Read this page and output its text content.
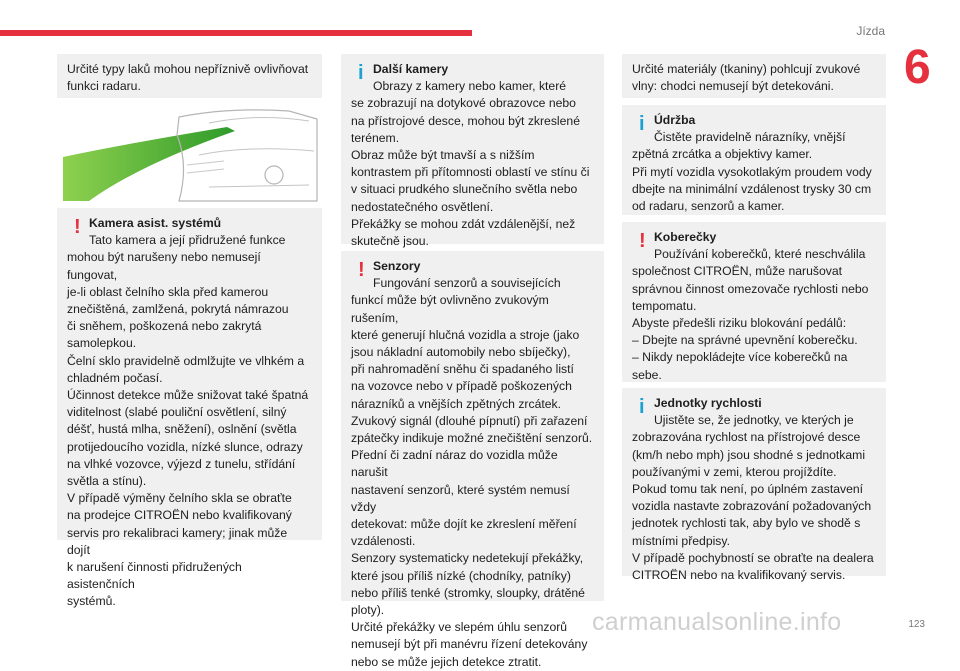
Jízda
6

Určité typy laků mohou nepříznivě ovlivňovat funkci radaru.

! Kamera asist. systémů

Tato kamera a její přidružené funkce

mohou být narušeny nebo nemusejí fungovat,

je-li oblast čelního skla před kamerou

znečištěná, zamlžená, pokrytá námrazou

či sněhem, poškozená nebo zakrytá

samolepkou.

Čelní sklo pravidelně odmlžujte ve vlhkém a

chladném počasí.

Účinnost detekce může snižovat také špatná

viditelnost (slabé pouliční osvětlení, silný

déšť, hustá mlha, sněžení), oslnění (světla

protijedoucího vozidla, nízké slunce, odrazy

na vlhké vozovce, výjezd z tunelu, střídání

světla a stínu).

V případě výměny čelního skla se obraťte

na prodejce CITROËN nebo kvalifikovaný

servis pro rekalibraci kamery; jinak může dojít

k narušení činnosti přidružených asistenčních

systémů.

i Další kamery

Obrazy z kamery nebo kamer, které

se zobrazují na dotykové obrazovce nebo

na přístrojové desce, mohou být zkreslené

terénem.

Obraz může být tmavší a s nižším

kontrastem při přítomnosti oblastí ve stínu či

v situaci prudkého slunečního světla nebo

nedostatečného osvětlení.

Překážky se mohou zdát vzdálenější, než

skutečně jsou.

! Senzory

Fungování senzorů a souvisejících

funkcí může být ovlivněno zvukovým rušením,

které generují hlučná vozidla a stroje (jako

jsou nákladní automobily nebo sbíječky),

při nahromadění sněhu či spadaného listí

na vozovce nebo v případě poškozených

nárazníků a vnějších zpětných zrcátek.

Zvukový signál (dlouhé pípnutí) při zařazení

zpátečky indikuje možné znečištění senzorů.

Přední či zadní náraz do vozidla může narušit

nastavení senzorů, které systém nemusí vždy

detekovat: může dojít ke zkreslení měření

vzdálenosti.

Senzory systematicky nedetekují překážky,

které jsou příliš nízké (chodníky, patníky)

nebo příliš tenké (stromky, sloupky, drátěné

ploty).

Určité překážky ve slepém úhlu senzorů

nemusejí být při manévru řízení detekovány

nebo se může jejich detekce ztratit.

Určité materiály (tkaniny) pohlcují zvukové vlny: chodci nemusejí být detekováni.

i Údržba

Čistěte pravidelně nárazníky, vnější

zpětná zrcátka a objektivy kamer.

Při mytí vozidla vysokotlakým proudem vody

dbejte na minimální vzdálenost trysky 30 cm

od radaru, senzorů a kamer.

! Koberečky

Používání koberečků, které neschválila

společnost CITROËN, může narušovat

správnou činnost omezovače rychlosti nebo

tempomatu.

Abyste předešli riziku blokování pedálů:

– Dbejte na správné upevnění koberečku.

– Nikdy nepokládejte více koberečků na

sebe.

i Jednotky rychlosti

Ujistěte se, že jednotky, ve kterých je

zobrazována rychlost na přístrojové desce

(km/h nebo mph) jsou shodné s jednotkami

používanými v zemi, kterou projíždíte.

Pokud tomu tak není, po úplném zastavení

vozidla nastavte zobrazování požadovaných

jednotek rychlosti tak, aby bylo ve shodě s

místními předpisy.

V případě pochybností se obraťte na dealera

CITROËN nebo na kvalifikovaný servis.

123
carmanualsonline.info
